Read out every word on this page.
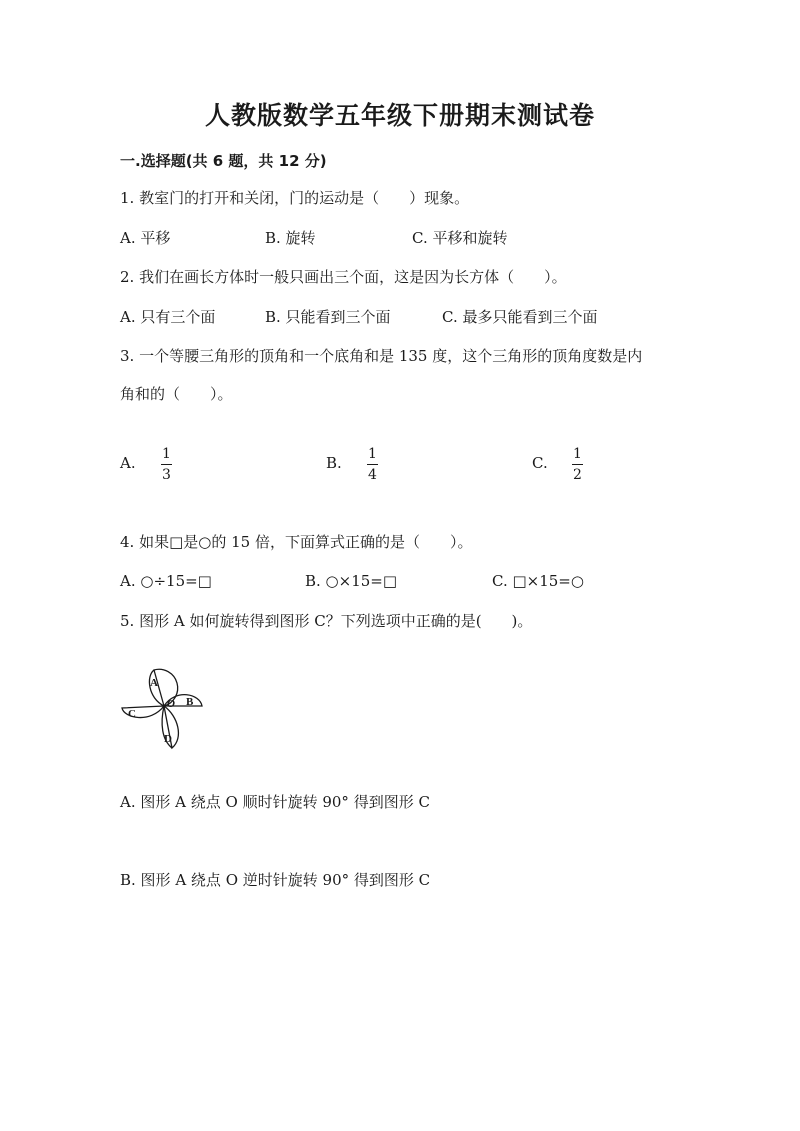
人教版数学五年级下册期末测试卷
一.选择题(共 6 题，共 12 分)
1. 教室门的打开和关闭，门的运动是（　　）现象。
A. 平移	B. 旋转	C. 平移和旋转
2. 我们在画长方体时一般只画出三个面，这是因为长方体（　　）。
A. 只有三个面	B. 只能看到三个面	C. 最多只能看到三个面
3. 一个等腰三角形的顶角和一个底角和是 135 度，这个三角形的顶角度数是内
角和的（　　）。
A. 1
3
B. 1
4
C. 1
2
4. 如果□是○的 15 倍，下面算式正确的是（　　）。
A. ○÷15=□	B. ○×15=□	C. □×15=○
5. 图形 A 如何旋转得到图形 C？下列选项中正确的是(　　)。
A
B
C
D
O
A. 图形 A 绕点 O 顺时针旋转 90° 得到图形 C
B. 图形 A 绕点 O 逆时针旋转 90° 得到图形 C
